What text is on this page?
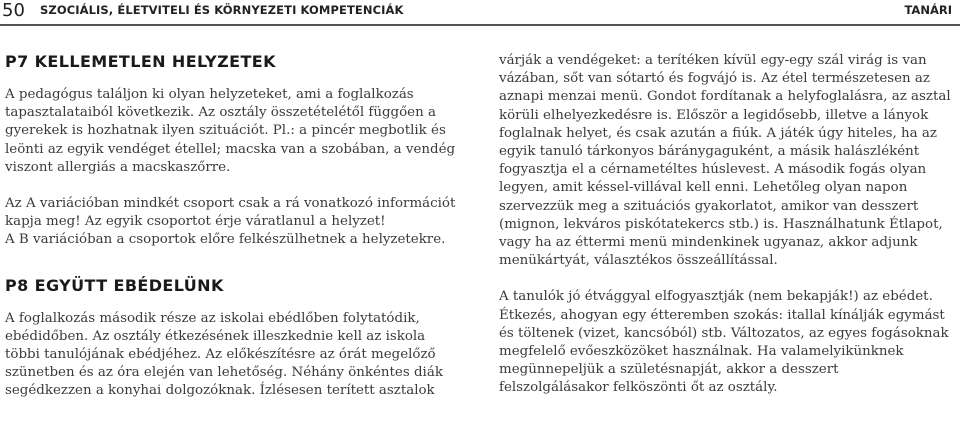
50 SZOCIÁLIS, ÉLETVITELI ÉS KÖRNYEZETI KOMPETENCIÁK	TANÁRI
P7 KELLEMETLEN HELYZETEK

A pedagógus találjon ki olyan helyzeteket, ami a foglalkozás tapasztalataiból következik. Az osztály összetételétől függően a gyerekek is hozhatnak ilyen szituációt. Pl.: a pincér megbotlik és leönti az egyik vendéget étellel; macska van a szobában, a vendég viszont allergiás a macskaszőrre.

Az A variációban mindkét csoport csak a rá vonatkozó információt kapja meg! Az egyik csoportot érje váratlanul a helyzet!

A B variációban a csoportok előre felkészülhetnek a helyzetekre.

P8 EGYÜTT EBÉDELÜNK

A foglalkozás második része az iskolai ebédlőben folytatódik, ebédidőben. Az osztály étkezésének illeszkednie kell az iskola többi tanulójának ebédjéhez. Az előkészítésre az órát megelőző szünetben és az óra elején van lehetőség. Néhány önkéntes diák segédkezzen a konyhai dolgozóknak. Ízlésesen terített asztalok

várják a vendégeket: a terítéken kívül egy-egy szál virág is van vázában, sőt van sótartó és fogvájó is. Az étel természetesen az aznapi menzai menü. Gondot fordítanak a helyfoglalásra, az asztal körüli elhelyezkedésre is. Először a legidősebb, illetve a lányok foglalnak helyet, és csak azután a fiúk. A játék úgy hiteles, ha az egyik tanuló tárkonyos báránygaguként, a másik halászléként fogyasztja el a cérnametéltes húslevest. A második fogás olyan legyen, amit késsel-villával kell enni. Lehetőleg olyan napon szervezzük meg a szituációs gyakorlatot, amikor van desszert (mignon, lekváros piskótatekercs stb.) is. Használhatunk Étlapot, vagy ha az éttermi menü mindenkinek ugyanaz, akkor adjunk menükártyát, választékos összeállítással.

A tanulók jó étvággyal elfogyasztják (nem bekapják!) az ebédet. Étkezés, ahogyan egy étteremben szokás: itallal kínálják egymást és töltenek (vizet, kancsóból) stb. Változatos, az egyes fogásoknak megfelelő evőeszközöket használnak. Ha valamelyikünknek megünnepeljük a születésnapját, akkor a desszert felszolgálásakor felköszönti őt az osztály.
